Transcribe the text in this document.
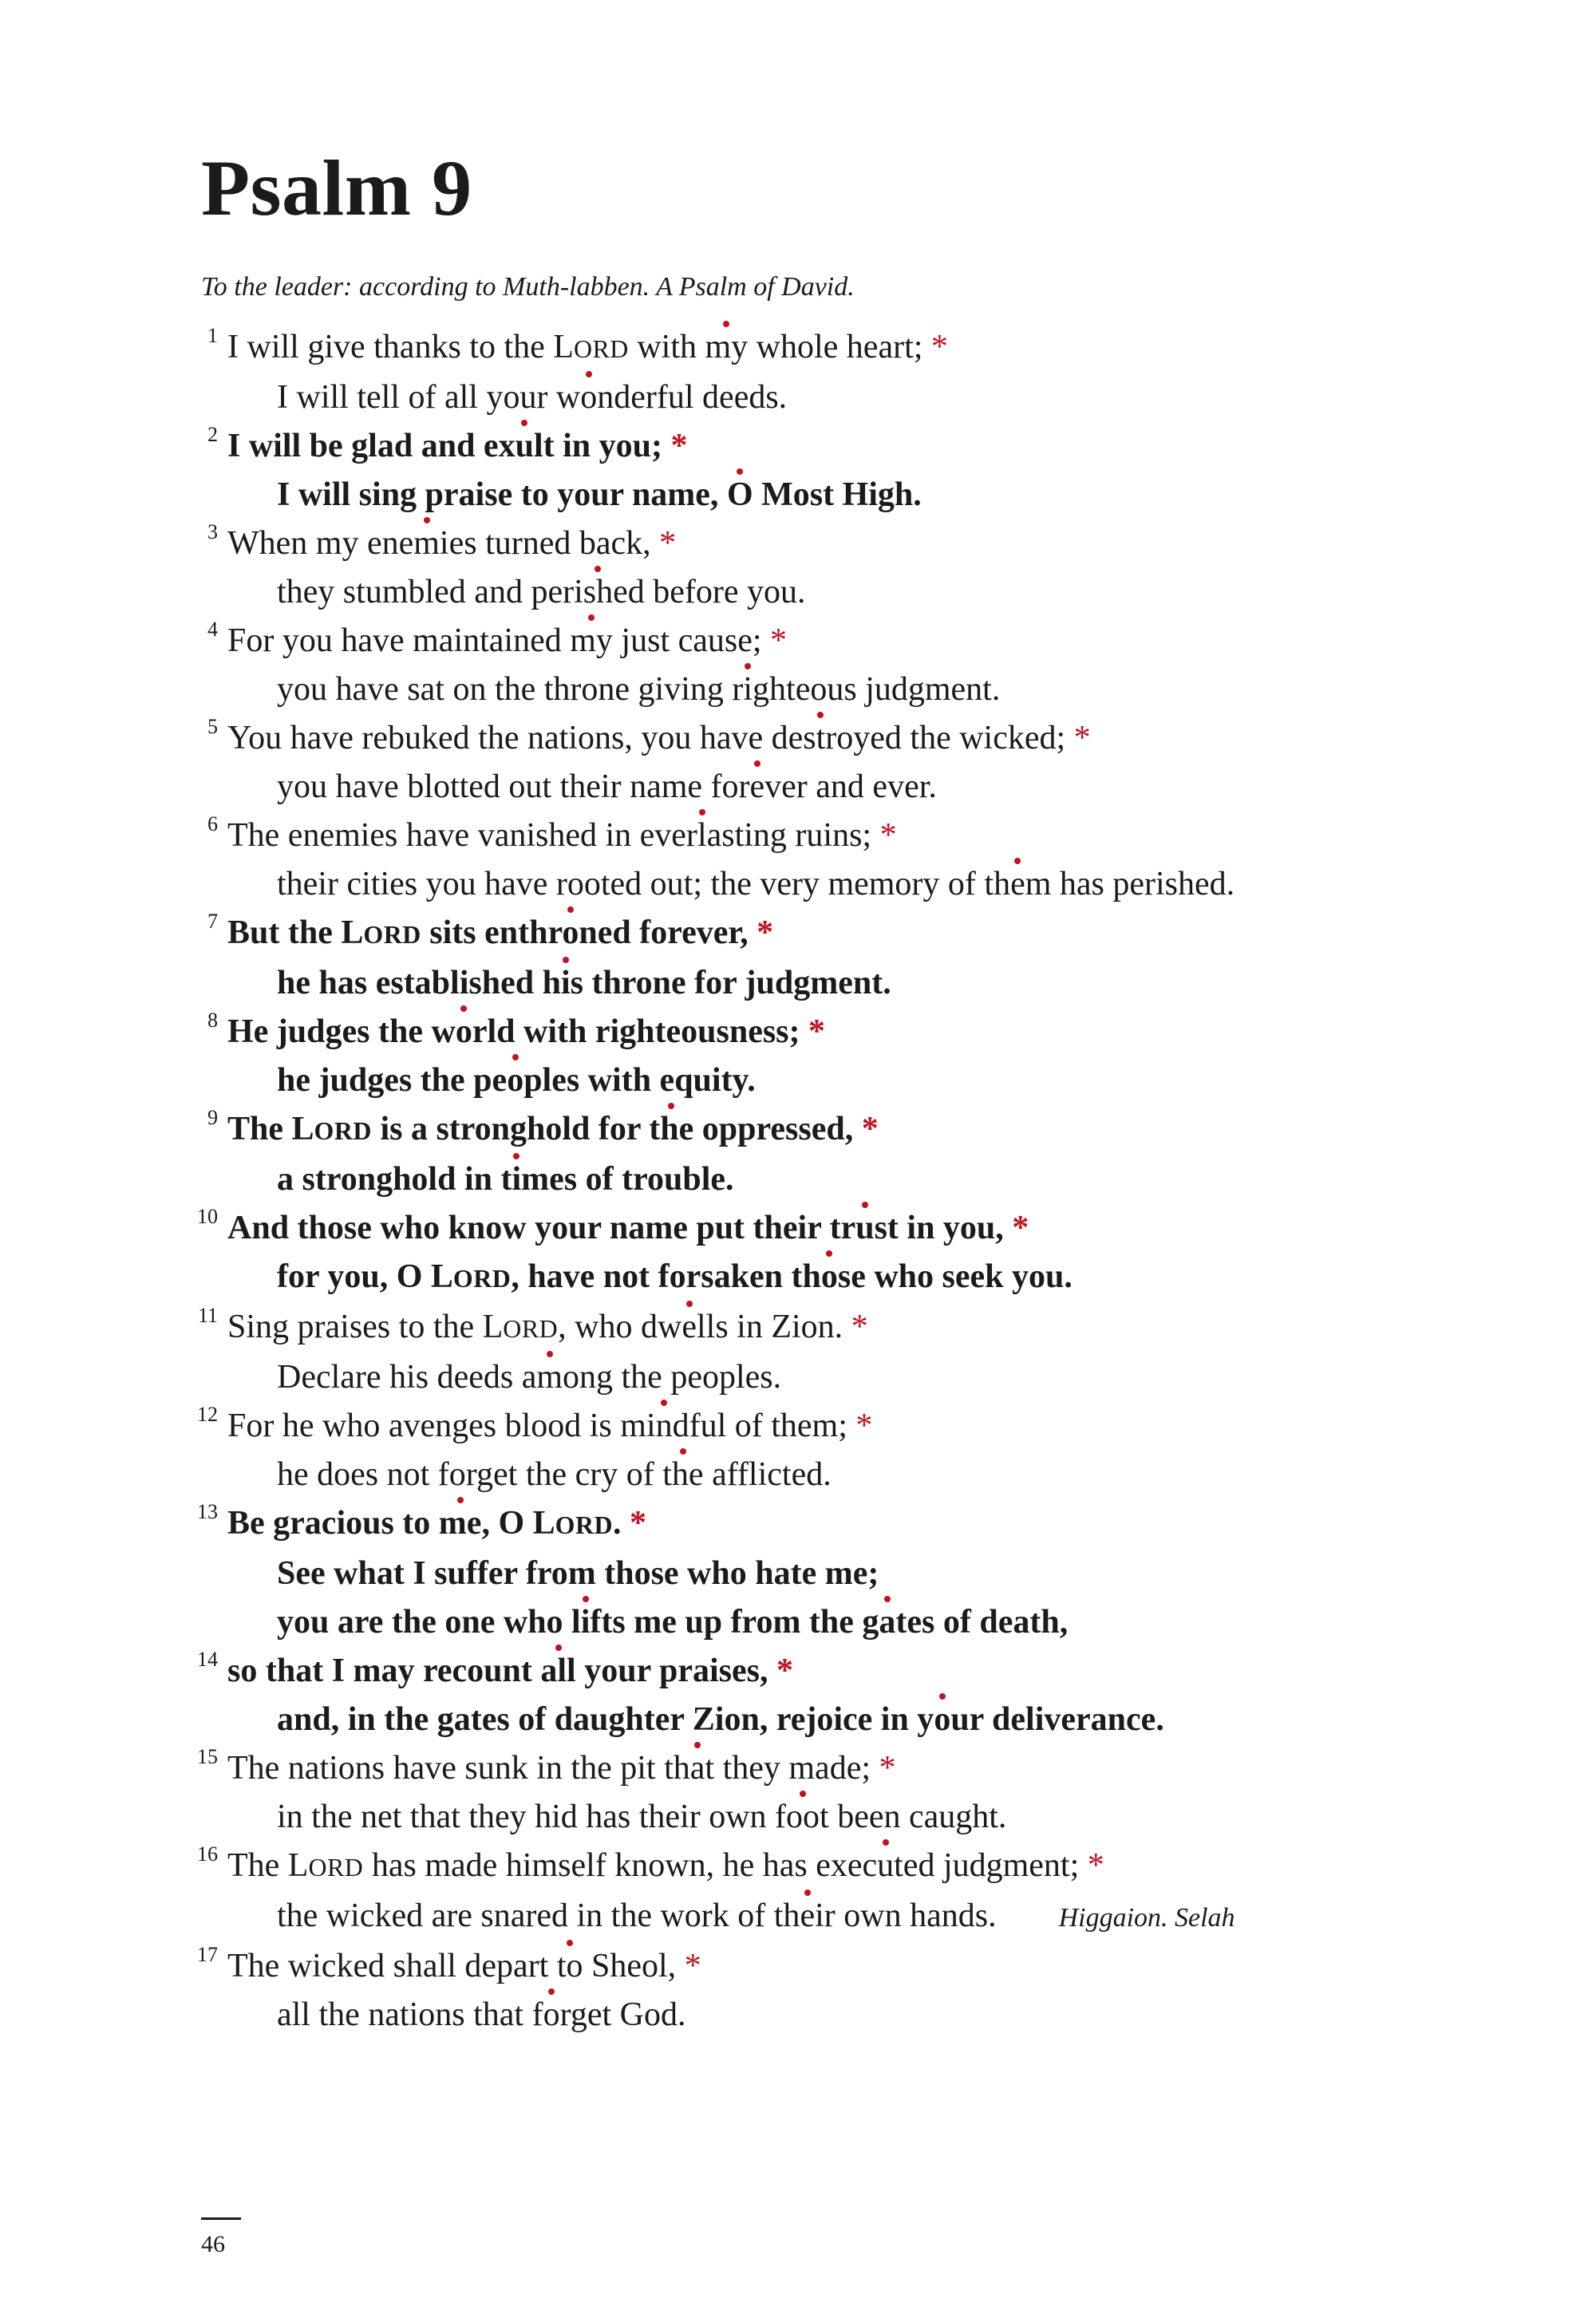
Psalm 9

To the leader: according to Muth-labben. A Psalm of David.

1 I will give thanks to the LORD with my whole heart; *
I will tell of all your wonderful deeds.
2 I will be glad and exult in you; *
I will sing praise to your name, O Most High.
3 When my enemies turned back, *
they stumbled and perished before you.
4 For you have maintained my just cause; *
you have sat on the throne giving righteous judgment.
5 You have rebuked the nations, you have destroyed the wicked; *
you have blotted out their name forever and ever.
6 The enemies have vanished in everlasting ruins; *
their cities you have rooted out; the very memory of them has perished.
7 But the LORD sits enthroned forever, *
he has established his throne for judgment.
8 He judges the world with righteousness; *
he judges the peoples with equity.
9 The LORD is a stronghold for the oppressed, *
a stronghold in times of trouble.
10 And those who know your name put their trust in you, *
for you, O LORD, have not forsaken those who seek you.
11 Sing praises to the LORD, who dwells in Zion. *
Declare his deeds among the peoples.
12 For he who avenges blood is mindful of them; *
he does not forget the cry of the afflicted.
13 Be gracious to me, O LORD. *
See what I suffer from those who hate me;
you are the one who lifts me up from the gates of death,
14 so that I may recount all your praises, *
and, in the gates of daughter Zion, rejoice in your deliverance.
15 The nations have sunk in the pit that they made; *
in the net that they hid has their own foot been caught.
16 The LORD has made himself known, he has executed judgment; *
the wicked are snared in the work of their own hands. Higgaion. Selah
17 The wicked shall depart to Sheol, *
all the nations that forget God.
46
